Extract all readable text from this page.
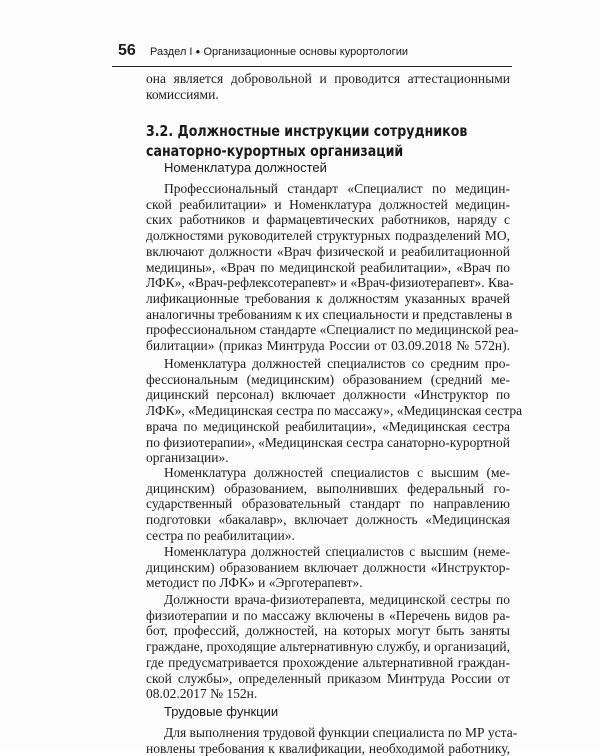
56 Раздел I ● Организационные основы курортологии
она является добровольной и проводится аттестационными
комиссиями.
3.2. Должностные инструкции сотрудников
санаторно-курортных организаций
Номенклатура должностей
Профессиональный стандарт «Специалист по медицин-
ской реабилитации» и Номенклатура должностей медицин-
ских работников и фармацевтических работников, наряду с
должностями руководителей структурных подразделений МО,
включают должности «Врач физической и реабилитационной
медицины», «Врач по медицинской реабилитации», «Врач по
ЛФК», «Врач-рефлексотерапевт» и «Врач-физиотерапевт». Ква-
лификационные требования к должностям указанных врачей
аналогичны требованиям к их специальности и представлены в
профессиональном стандарте «Специалист по медицинской реа-
билитации» (приказ Минтруда России от 03.09.2018 № 572н).
Номенклатура должностей специалистов со средним про-
фессиональным (медицинским) образованием (средний ме-
дицинский персонал) включает должности «Инструктор по
ЛФК», «Медицинская сестра по массажу», «Медицинская сестра
врача по медицинской реабилитации», «Медицинская сестра
по физиотерапии», «Медицинская сестра санаторно-курортной
организации».
Номенклатура должностей специалистов с высшим (ме-
дицинским) образованием, выполнивших федеральный го-
сударственный образовательный стандарт по направлению
подготовки «бакалавр», включает должность «Медицинская
сестра по реабилитации».
Номенклатура должностей специалистов с высшим (неме-
дицинским) образованием включает должности «Инструктор-
методист по ЛФК» и «Эрготерапевт».
Должности врача-физиотерапевта, медицинской сестры по
физиотерапии и по массажу включены в «Перечень видов ра-
бот, профессий, должностей, на которых могут быть заняты
граждане, проходящие альтернативную службу, и организаций,
где предусматривается прохождение альтернативной граждан-
ской службы», определенный приказом Минтруда России от
08.02.2017 № 152н.
Трудовые функции
Для выполнения трудовой функции специалиста по МР уста-
новлены требования к квалификации, необходимой работнику,
